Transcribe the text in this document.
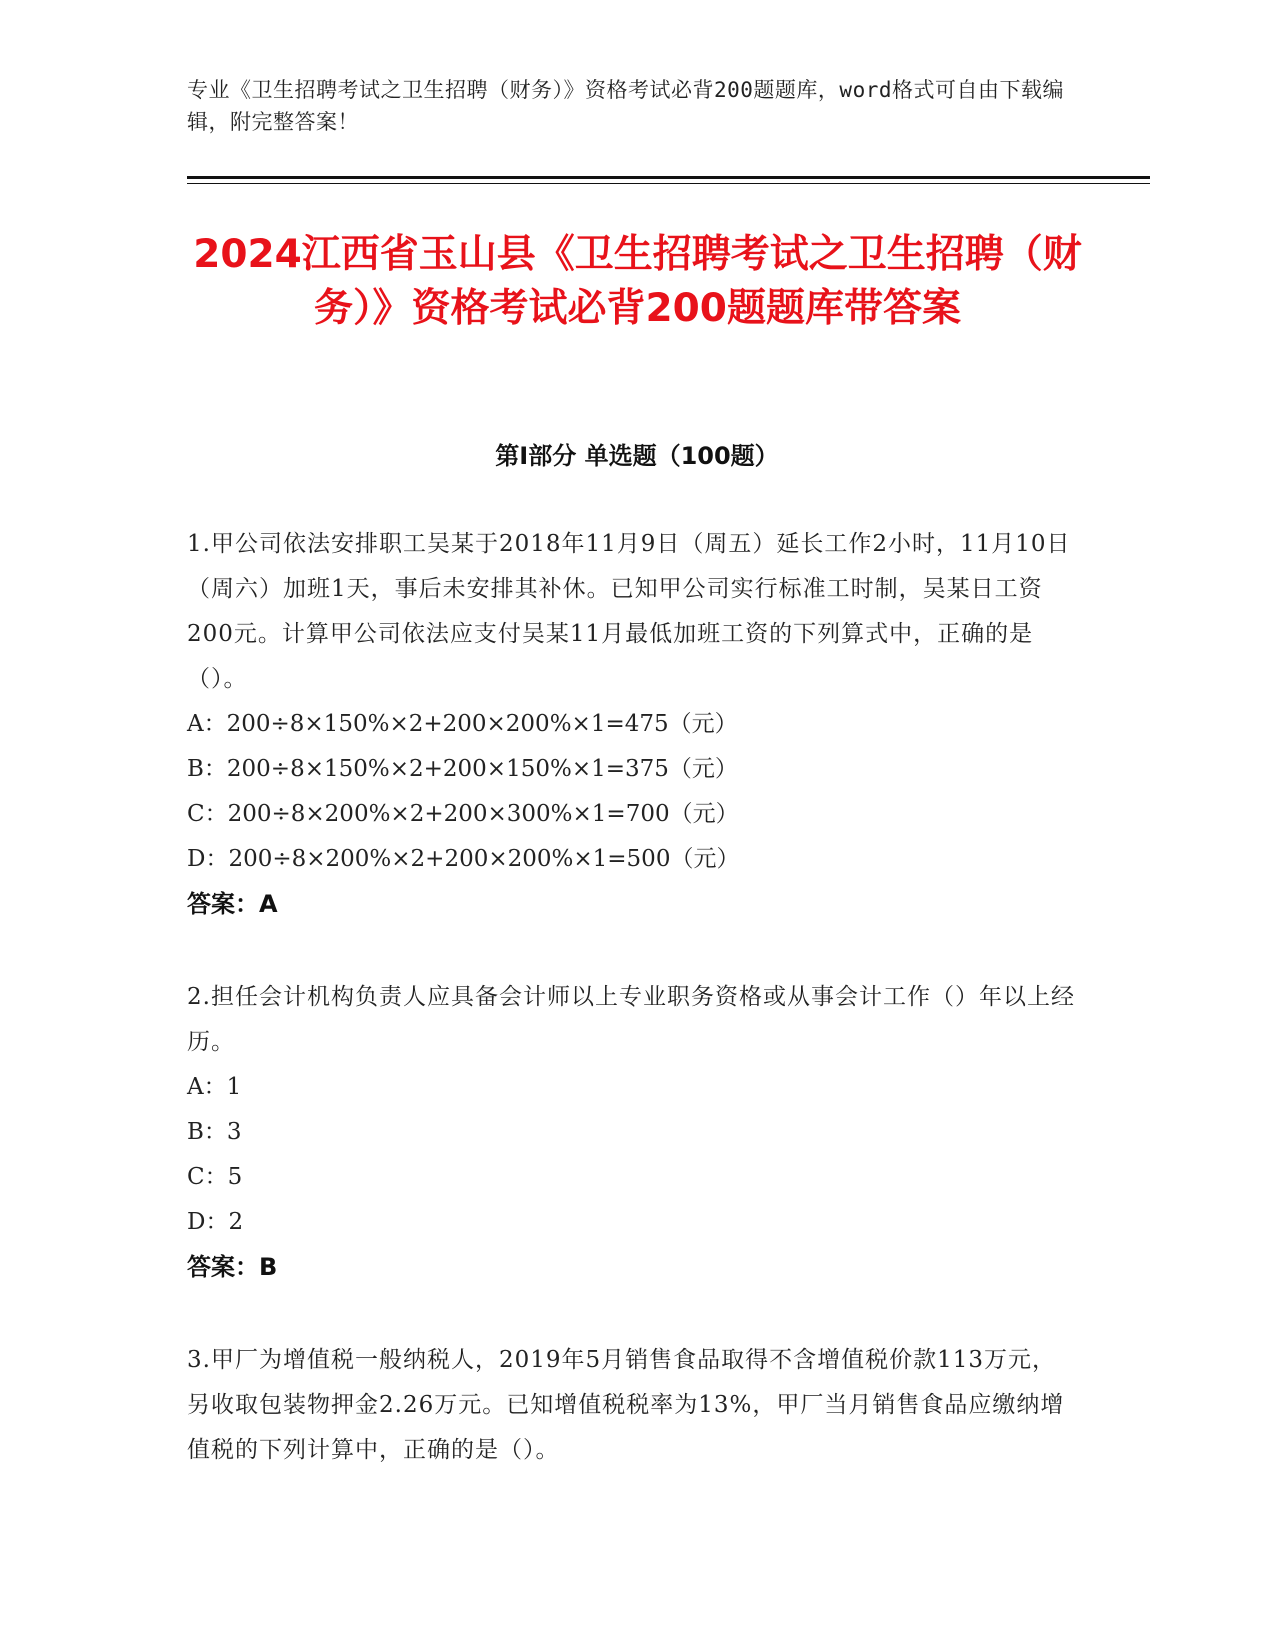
专业《卫生招聘考试之卫生招聘（财务）》资格考试必背200题题库，word格式可自由下载编辑，附完整答案！
2024江西省玉山县《卫生招聘考试之卫生招聘（财务）》资格考试必背200题题库带答案
第I部分 单选题（100题）
1.甲公司依法安排职工吴某于2018年11月9日（周五）延长工作2小时，11月10日（周六）加班1天，事后未安排其补休。已知甲公司实行标准工时制，吴某日工资200元。计算甲公司依法应支付吴某11月最低加班工资的下列算式中，正确的是（）。
A：200÷8×150%×2+200×200%×1=475（元）
B：200÷8×150%×2+200×150%×1=375（元）
C：200÷8×200%×2+200×300%×1=700（元）
D：200÷8×200%×2+200×200%×1=500（元）
答案：A
2.担任会计机构负责人应具备会计师以上专业职务资格或从事会计工作（）年以上经历。
A：1
B：3
C：5
D：2
答案：B
3.甲厂为增值税一般纳税人，2019年5月销售食品取得不含增值税价款113万元，另收取包装物押金2.26万元。已知增值税税率为13%，甲厂当月销售食品应缴纳增值税的下列计算中，正确的是（）。
